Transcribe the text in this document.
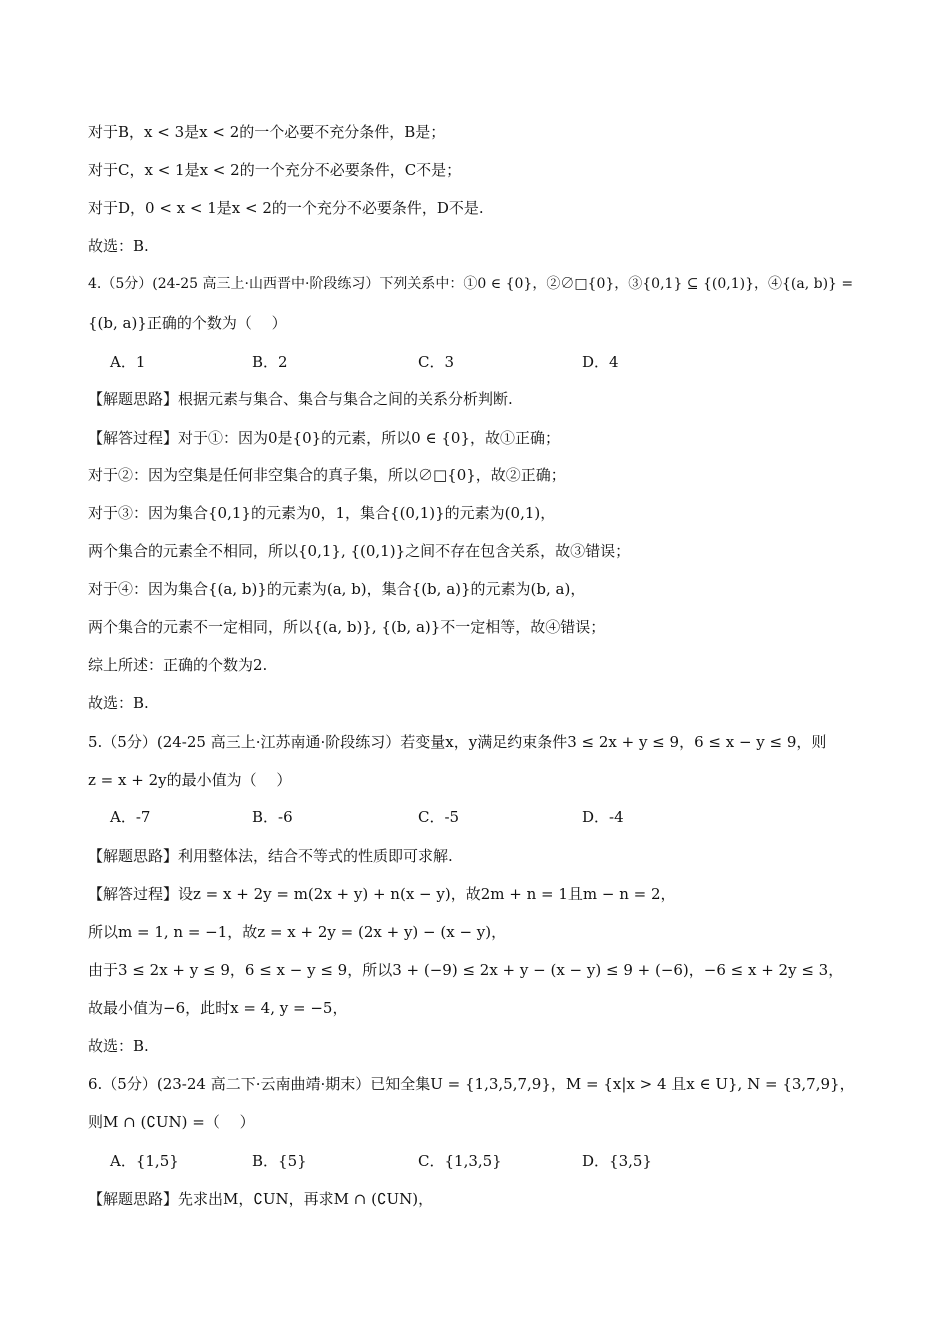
对于B，x < 3是x < 2的一个必要不充分条件，B是；
对于C，x < 1是x < 2的一个充分不必要条件，C不是；
对于D，0 < x < 1是x < 2的一个充分不必要条件，D不是.
故选：B.
4.（5分）(24-25 高三上·山西晋中·阶段练习）下列关系中：①0 ∈ {0}，②∅□{0}，③{0,1} ⊆ {(0,1)}，④{(a, b)} =
{(b, a)}正确的个数为（　 ）
A．1	B．2	C．3	D．4
【解题思路】根据元素与集合、集合与集合之间的关系分析判断.
【解答过程】对于①：因为0是{0}的元素，所以0 ∈ {0}，故①正确；
对于②：因为空集是任何非空集合的真子集，所以∅□{0}，故②正确；
对于③：因为集合{0,1}的元素为0，1，集合{(0,1)}的元素为(0,1)，
两个集合的元素全不相同，所以{0,1}, {(0,1)}之间不存在包含关系，故③错误；
对于④：因为集合{(a, b)}的元素为(a, b)，集合{(b, a)}的元素为(b, a)，
两个集合的元素不一定相同，所以{(a, b)}, {(b, a)}不一定相等，故④错误；
综上所述：正确的个数为2.
故选：B.
5.（5分）(24-25 高三上·江苏南通·阶段练习）若变量x，y满足约束条件3 ≤ 2x + y ≤ 9，6 ≤ x − y ≤ 9，则
z = x + 2y的最小值为（　 ）
A．-7	B．-6	C．-5	D．-4
【解题思路】利用整体法，结合不等式的性质即可求解.
【解答过程】设z = x + 2y = m(2x + y) + n(x − y)，故2m + n = 1且m − n = 2，
所以m = 1, n = −1，故z = x + 2y = (2x + y) − (x − y)，
由于3 ≤ 2x + y ≤ 9，6 ≤ x − y ≤ 9，所以3 + (−9) ≤ 2x + y − (x − y) ≤ 9 + (−6)，−6 ≤ x + 2y ≤ 3，
故最小值为−6，此时x = 4, y = −5，
故选：B.
6.（5分）(23-24 高二下·云南曲靖·期末）已知全集U = {1,3,5,7,9}，M = {x|x > 4 且x ∈ U}, N = {3,7,9}，
则M ∩ (∁UN) =（　 ）
A．{1,5}	B．{5}	C．{1,3,5}	D．{3,5}
【解题思路】先求出M，∁UN，再求M ∩ (∁UN)，
